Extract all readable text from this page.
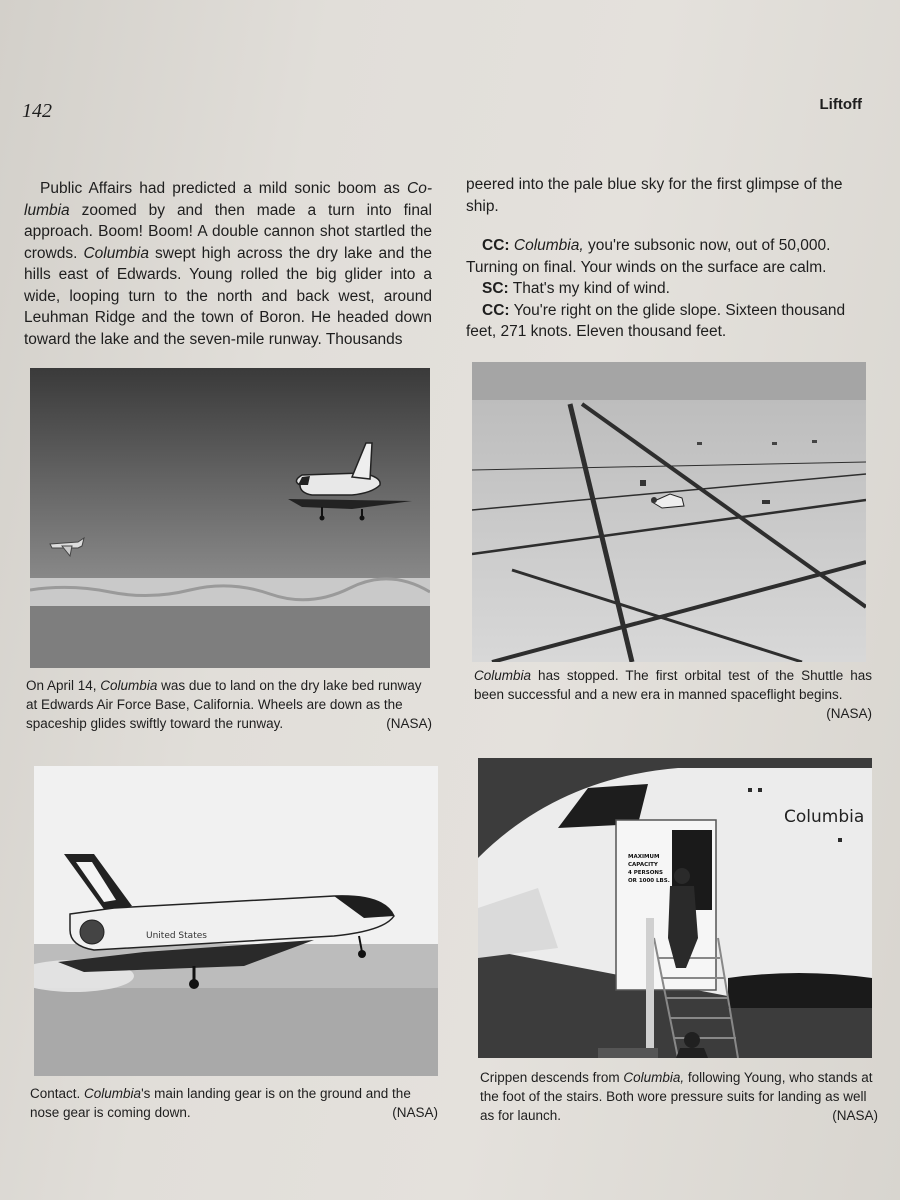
142	Liftoff
Public Affairs had predicted a mild sonic boom as Co-lumbia zoomed by and then made a turn into final approach. Boom! Boom! A double cannon shot startled the crowds. Columbia swept high across the dry lake and the hills east of Edwards. Young rolled the big glider into a wide, looping turn to the north and back west, around Leuhman Ridge and the town of Boron. He headed down toward the lake and the seven-mile runway. Thousands

peered into the pale blue sky for the first glimpse of the ship.

CC: Columbia, you're subsonic now, out of 50,000. Turning on final. Your winds on the surface are calm.

SC: That's my kind of wind.

CC: You're right on the glide slope. Sixteen thousand feet, 271 knots. Eleven thousand feet.

On April 14, Columbia was due to land on the dry lake bed runway at Edwards Air Force Base, California. Wheels are down as the spaceship glides swiftly toward the runway.	(NASA)
Columbia has stopped. The first orbital test of the Shuttle has been successful and a new era in manned spaceflight begins.
(NASA)
United States
Contact. Columbia's main landing gear is on the ground and the nose gear is coming down.	(NASA)
Columbia
MAXIMUM
CAPACITY
4 PERSONS
OR 1000 LBS.
Crippen descends from Columbia, following Young, who stands at the foot of the stairs. Both wore pressure suits for landing as well as for launch.	(NASA)
